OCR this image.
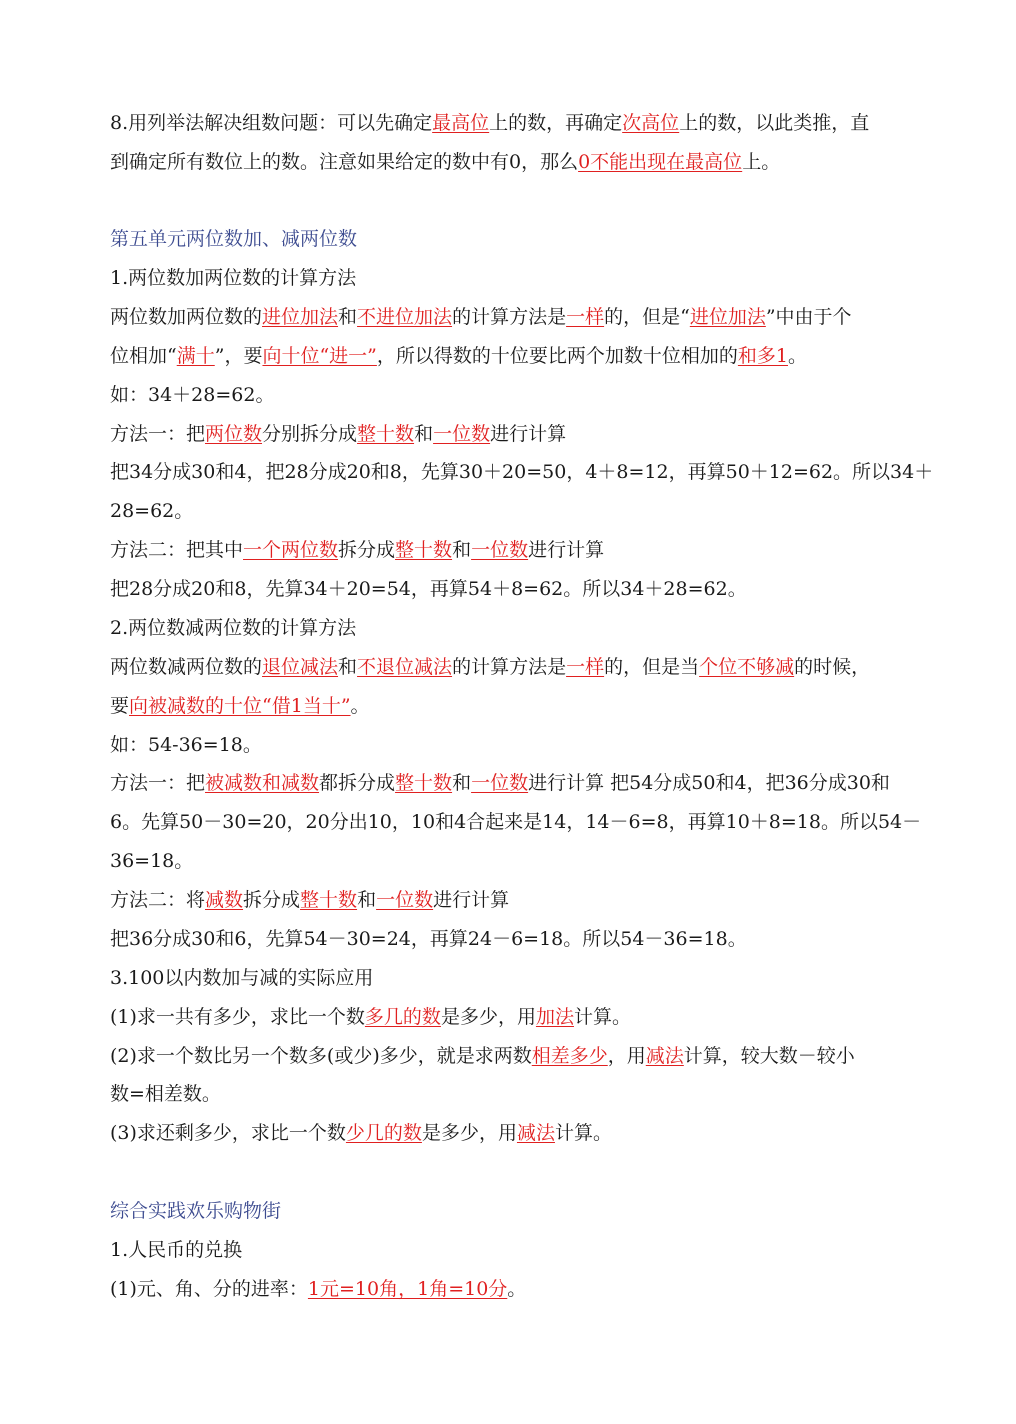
8.用列举法解决组数问题：可以先确定最高位上的数，再确定次高位上的数，以此类推，直
到确定所有数位上的数。注意如果给定的数中有0，那么0不能出现在最高位上。
第五单元两位数加、减两位数
1.两位数加两位数的计算方法
两位数加两位数的进位加法和不进位加法的计算方法是一样的，但是“进位加法”中由于个
位相加“满十”，要向十位“进一”，所以得数的十位要比两个加数十位相加的和多1。
如：34＋28=62。
方法一：把两位数分别拆分成整十数和一位数进行计算
把34分成30和4，把28分成20和8，先算30＋20=50，4＋8=12，再算50＋12=62。所以34＋
28=62。
方法二：把其中一个两位数拆分成整十数和一位数进行计算
把28分成20和8，先算34＋20=54，再算54＋8=62。所以34＋28=62。
2.两位数减两位数的计算方法
两位数减两位数的退位减法和不退位减法的计算方法是一样的，但是当个位不够减的时候，
要向被减数的十位“借1当十”。
如：54-36=18。
方法一：把被减数和减数都拆分成整十数和一位数进行计算 把54分成50和4，把36分成30和
6。先算50－30=20，20分出10，10和4合起来是14，14－6=8，再算10＋8=18。所以54－
36=18。
方法二：将减数拆分成整十数和一位数进行计算
把36分成30和6，先算54－30=24，再算24－6=18。所以54－36=18。
3.100以内数加与减的实际应用
(1)求一共有多少，求比一个数多几的数是多少，用加法计算。
(2)求一个数比另一个数多(或少)多少，就是求两数相差多少，用减法计算，较大数－较小
数=相差数。
(3)求还剩多少，求比一个数少几的数是多少，用减法计算。
综合实践欢乐购物街
1.人民币的兑换
(1)元、角、分的进率：1元=10角，1角=10分。
